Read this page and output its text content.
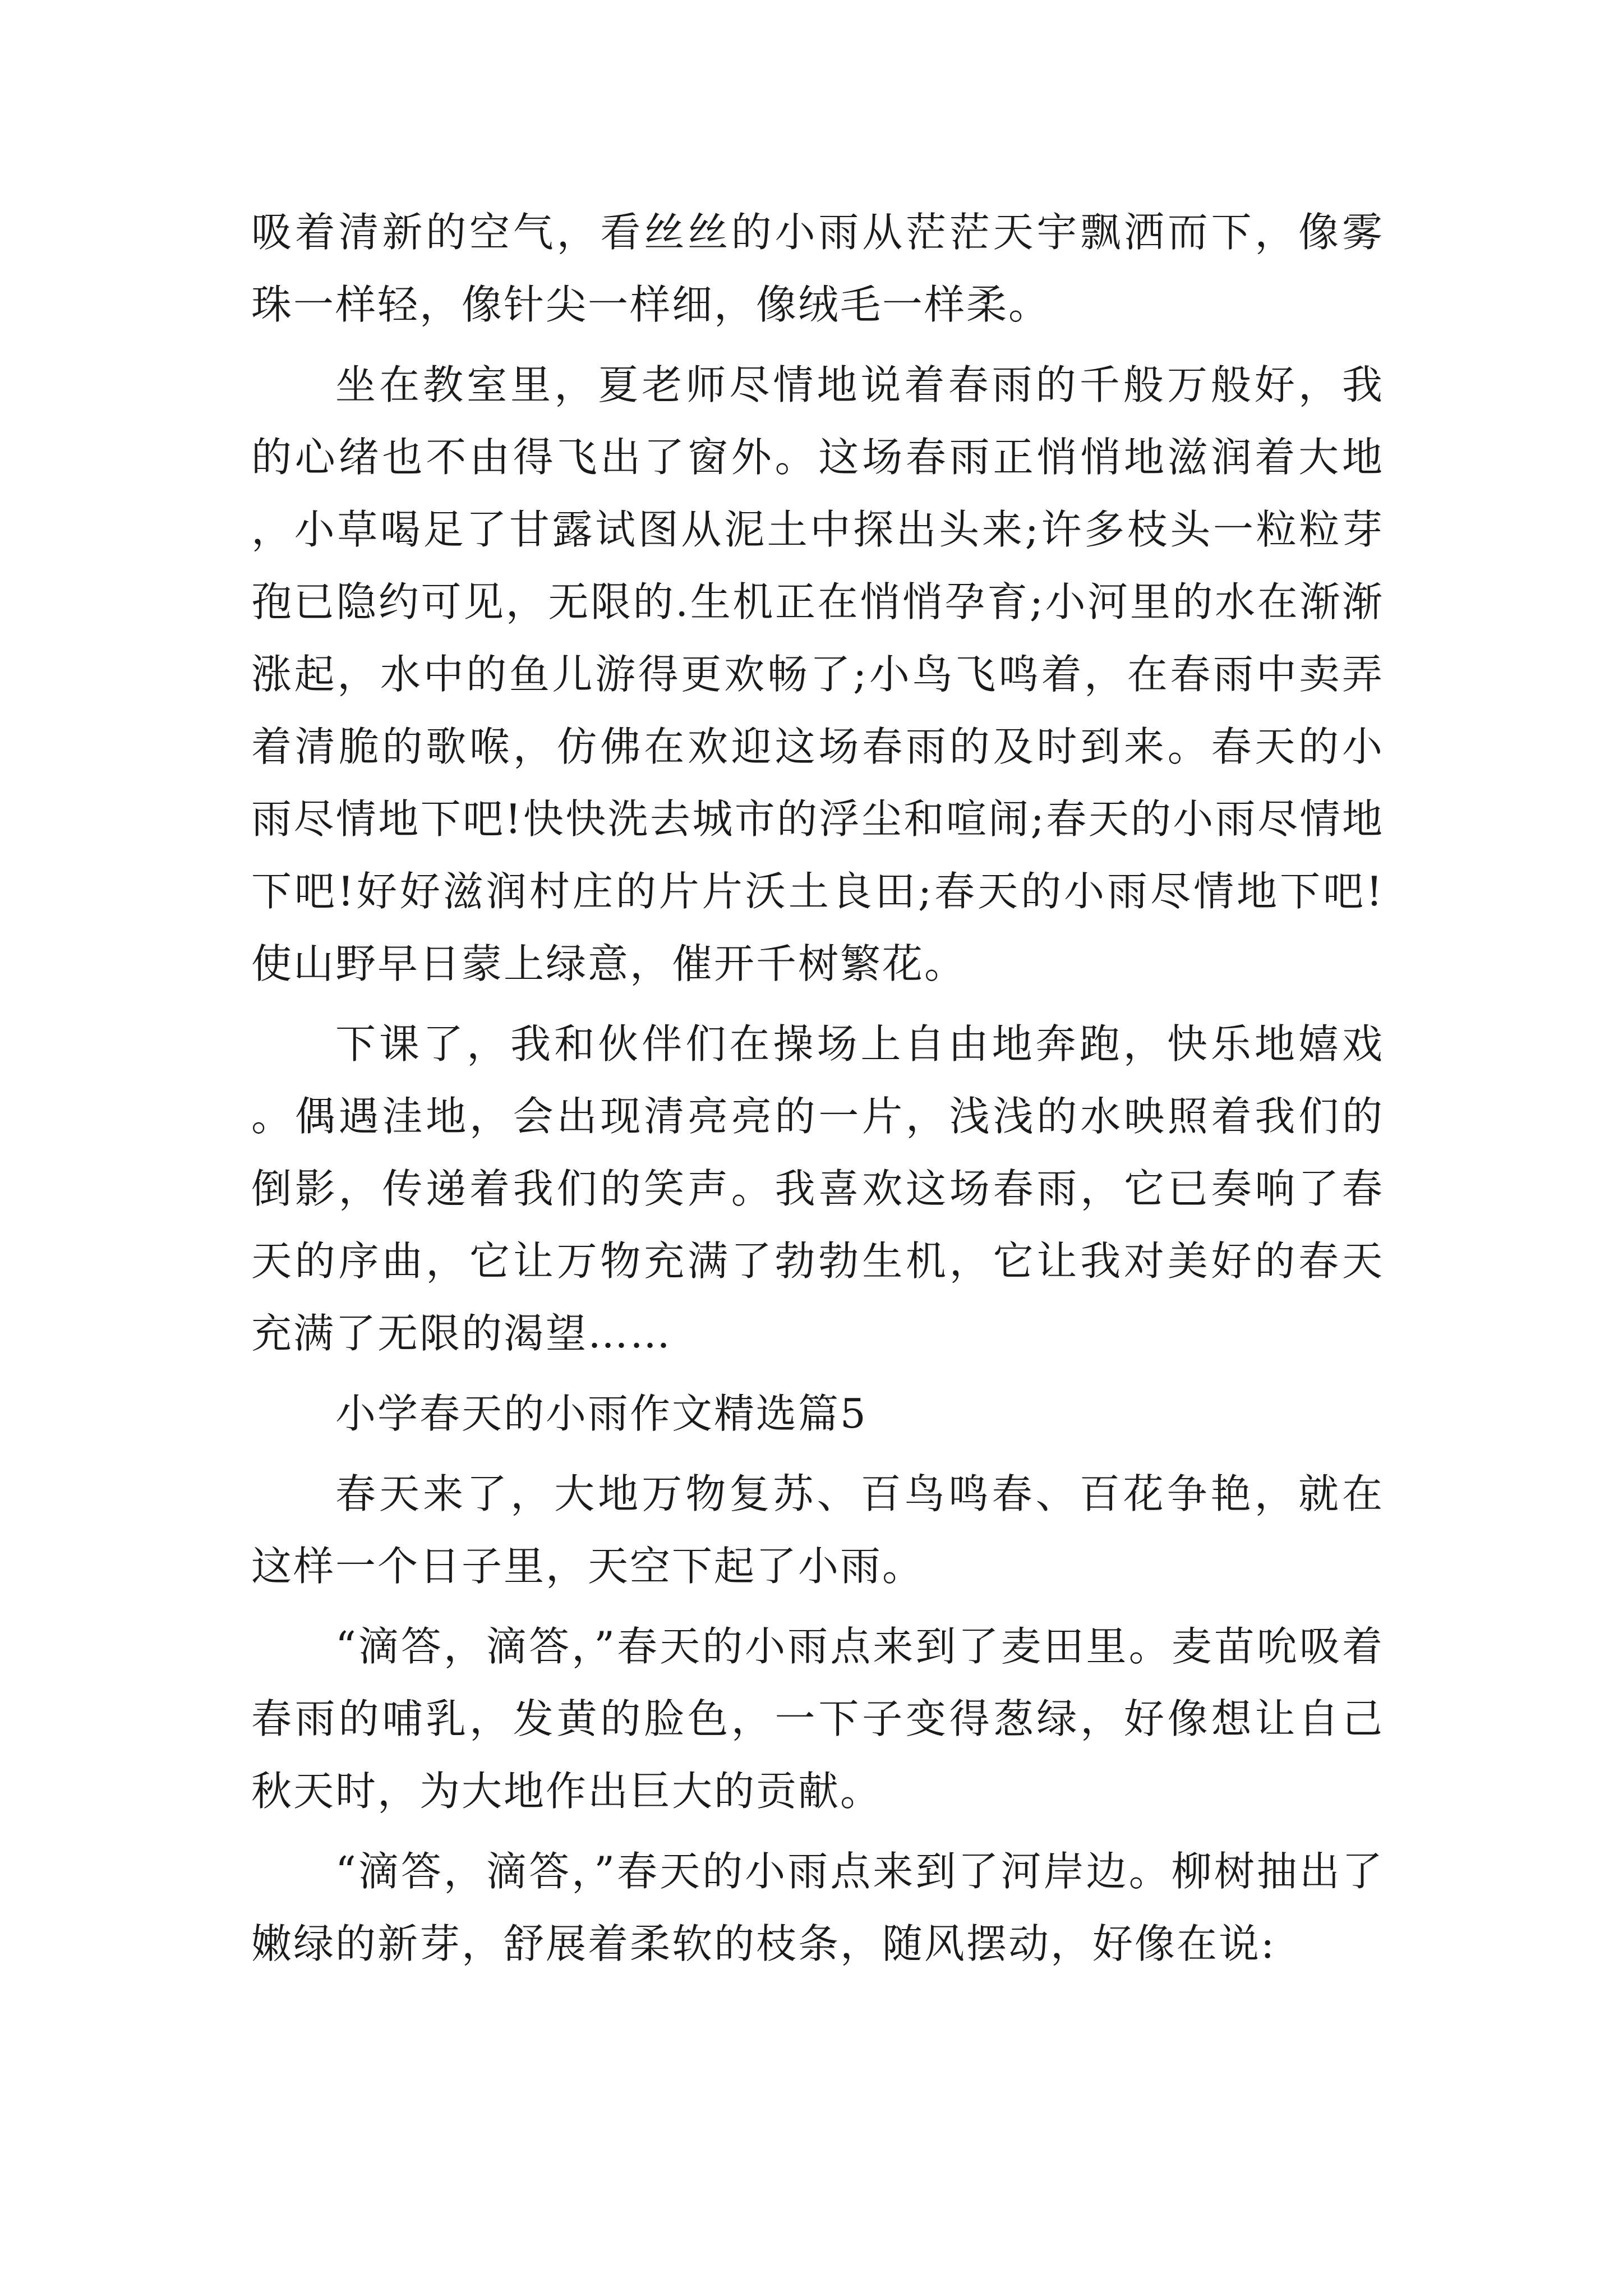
吸着清新的空气，看丝丝的小雨从茫茫天宇飘洒而下，像雾珠一样轻，像针尖一样细，像绒毛一样柔。

坐在教室里，夏老师尽情地说着春雨的千般万般好，我的心绪也不由得飞出了窗外。这场春雨正悄悄地滋润着大地，小草喝足了甘露试图从泥土中探出头来;许多枝头一粒粒芽孢已隐约可见，无限的.生机正在悄悄孕育;小河里的水在渐渐涨起，水中的鱼儿游得更欢畅了;小鸟飞鸣着，在春雨中卖弄着清脆的歌喉，仿佛在欢迎这场春雨的及时到来。春天的小雨尽情地下吧!快快洗去城市的浮尘和喧闹;春天的小雨尽情地下吧!好好滋润村庄的片片沃土良田;春天的小雨尽情地下吧!使山野早日蒙上绿意，催开千树繁花。

下课了，我和伙伴们在操场上自由地奔跑，快乐地嬉戏。偶遇洼地，会出现清亮亮的一片，浅浅的水映照着我们的倒影，传递着我们的笑声。我喜欢这场春雨，它已奏响了春天的序曲，它让万物充满了勃勃生机，它让我对美好的春天充满了无限的渴望……

小学春天的小雨作文精选篇5

春天来了，大地万物复苏、百鸟鸣春、百花争艳，就在这样一个日子里，天空下起了小雨。

“滴答，滴答，”春天的小雨点来到了麦田里。麦苗吮吸着春雨的哺乳，发黄的脸色，一下子变得葱绿，好像想让自己秋天时，为大地作出巨大的贡献。

“滴答，滴答，”春天的小雨点来到了河岸边。柳树抽出了嫩绿的新芽，舒展着柔软的枝条，随风摆动，好像在说:
